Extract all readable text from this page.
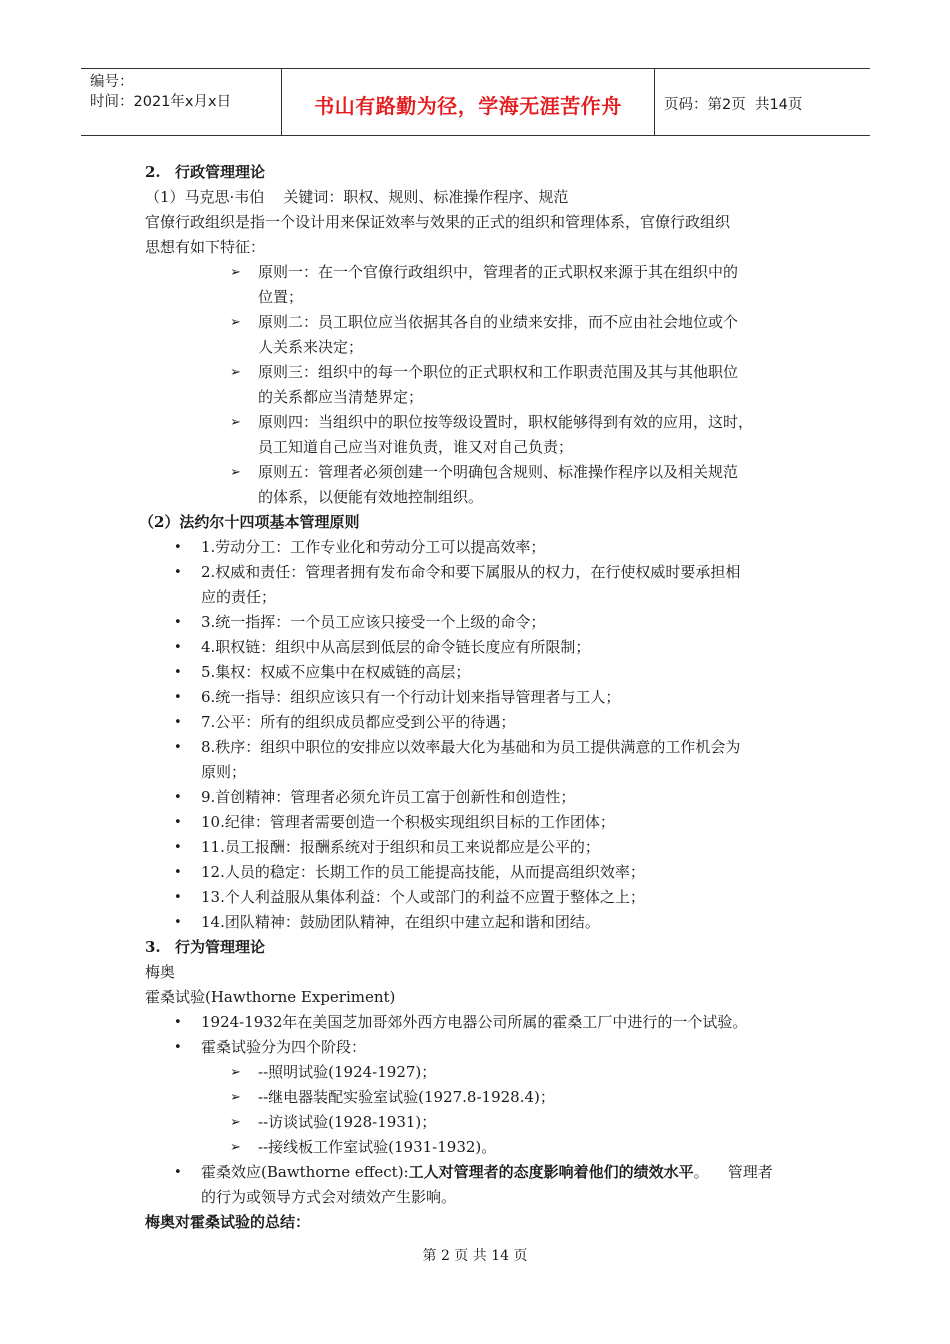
编号：
时间：2021年x月x日	书山有路勤为径，学海无涯苦作舟	页码：第2页  共14页
2. 行政管理理论
（1）马克思·韦伯    关键词：职权、规则、标准操作程序、规范
官僚行政组织是指一个设计用来保证效率与效果的正式的组织和管理体系，官僚行政组织
思想有如下特征：
➢ 原则一：在一个官僚行政组织中，管理者的正式职权来源于其在组织中的
位置；
➢ 原则二：员工职位应当依据其各自的业绩来安排，而不应由社会地位或个
人关系来决定；
➢ 原则三：组织中的每一个职位的正式职权和工作职责范围及其与其他职位
的关系都应当清楚界定；
➢ 原则四：当组织中的职位按等级设置时，职权能够得到有效的应用，这时，
员工知道自己应当对谁负责，谁又对自己负责；
➢ 原则五：管理者必须创建一个明确包含规则、标准操作程序以及相关规范
的体系，以便能有效地控制组织。
（2）法约尔十四项基本管理原则
• 1.劳动分工：工作专业化和劳动分工可以提高效率；
• 2.权威和责任：管理者拥有发布命令和要下属服从的权力，在行使权威时要承担相
应的责任；
• 3.统一指挥：一个员工应该只接受一个上级的命令；
• 4.职权链：组织中从高层到低层的命令链长度应有所限制；
• 5.集权：权威不应集中在权威链的高层；
• 6.统一指导：组织应该只有一个行动计划来指导管理者与工人；
• 7.公平：所有的组织成员都应受到公平的待遇；
• 8.秩序：组织中职位的安排应以效率最大化为基础和为员工提供满意的工作机会为
原则；
• 9.首创精神：管理者必须允许员工富于创新性和创造性；
• 10.纪律：管理者需要创造一个积极实现组织目标的工作团体；
• 11.员工报酬：报酬系统对于组织和员工来说都应是公平的；
• 12.人员的稳定：长期工作的员工能提高技能，从而提高组织效率；
• 13.个人利益服从集体利益：个人或部门的利益不应置于整体之上；
• 14.团队精神：鼓励团队精神，在组织中建立起和谐和团结。
3. 行为管理理论
梅奥
霍桑试验(Hawthorne Experiment)
• 1924-1932年在美国芝加哥郊外西方电器公司所属的霍桑工厂中进行的一个试验。
• 霍桑试验分为四个阶段：
➢ --照明试验(1924-1927)；
➢ --继电器装配实验室试验(1927.8-1928.4)；
➢ --访谈试验(1928-1931)；
➢ --接线板工作室试验(1931-1932)。
• 霍桑效应(Bawthorne effect):工人对管理者的态度影响着他们的绩效水平。    管理者
的行为或领导方式会对绩效产生影响。
梅奥对霍桑试验的总结：
第 2 页 共 14 页
